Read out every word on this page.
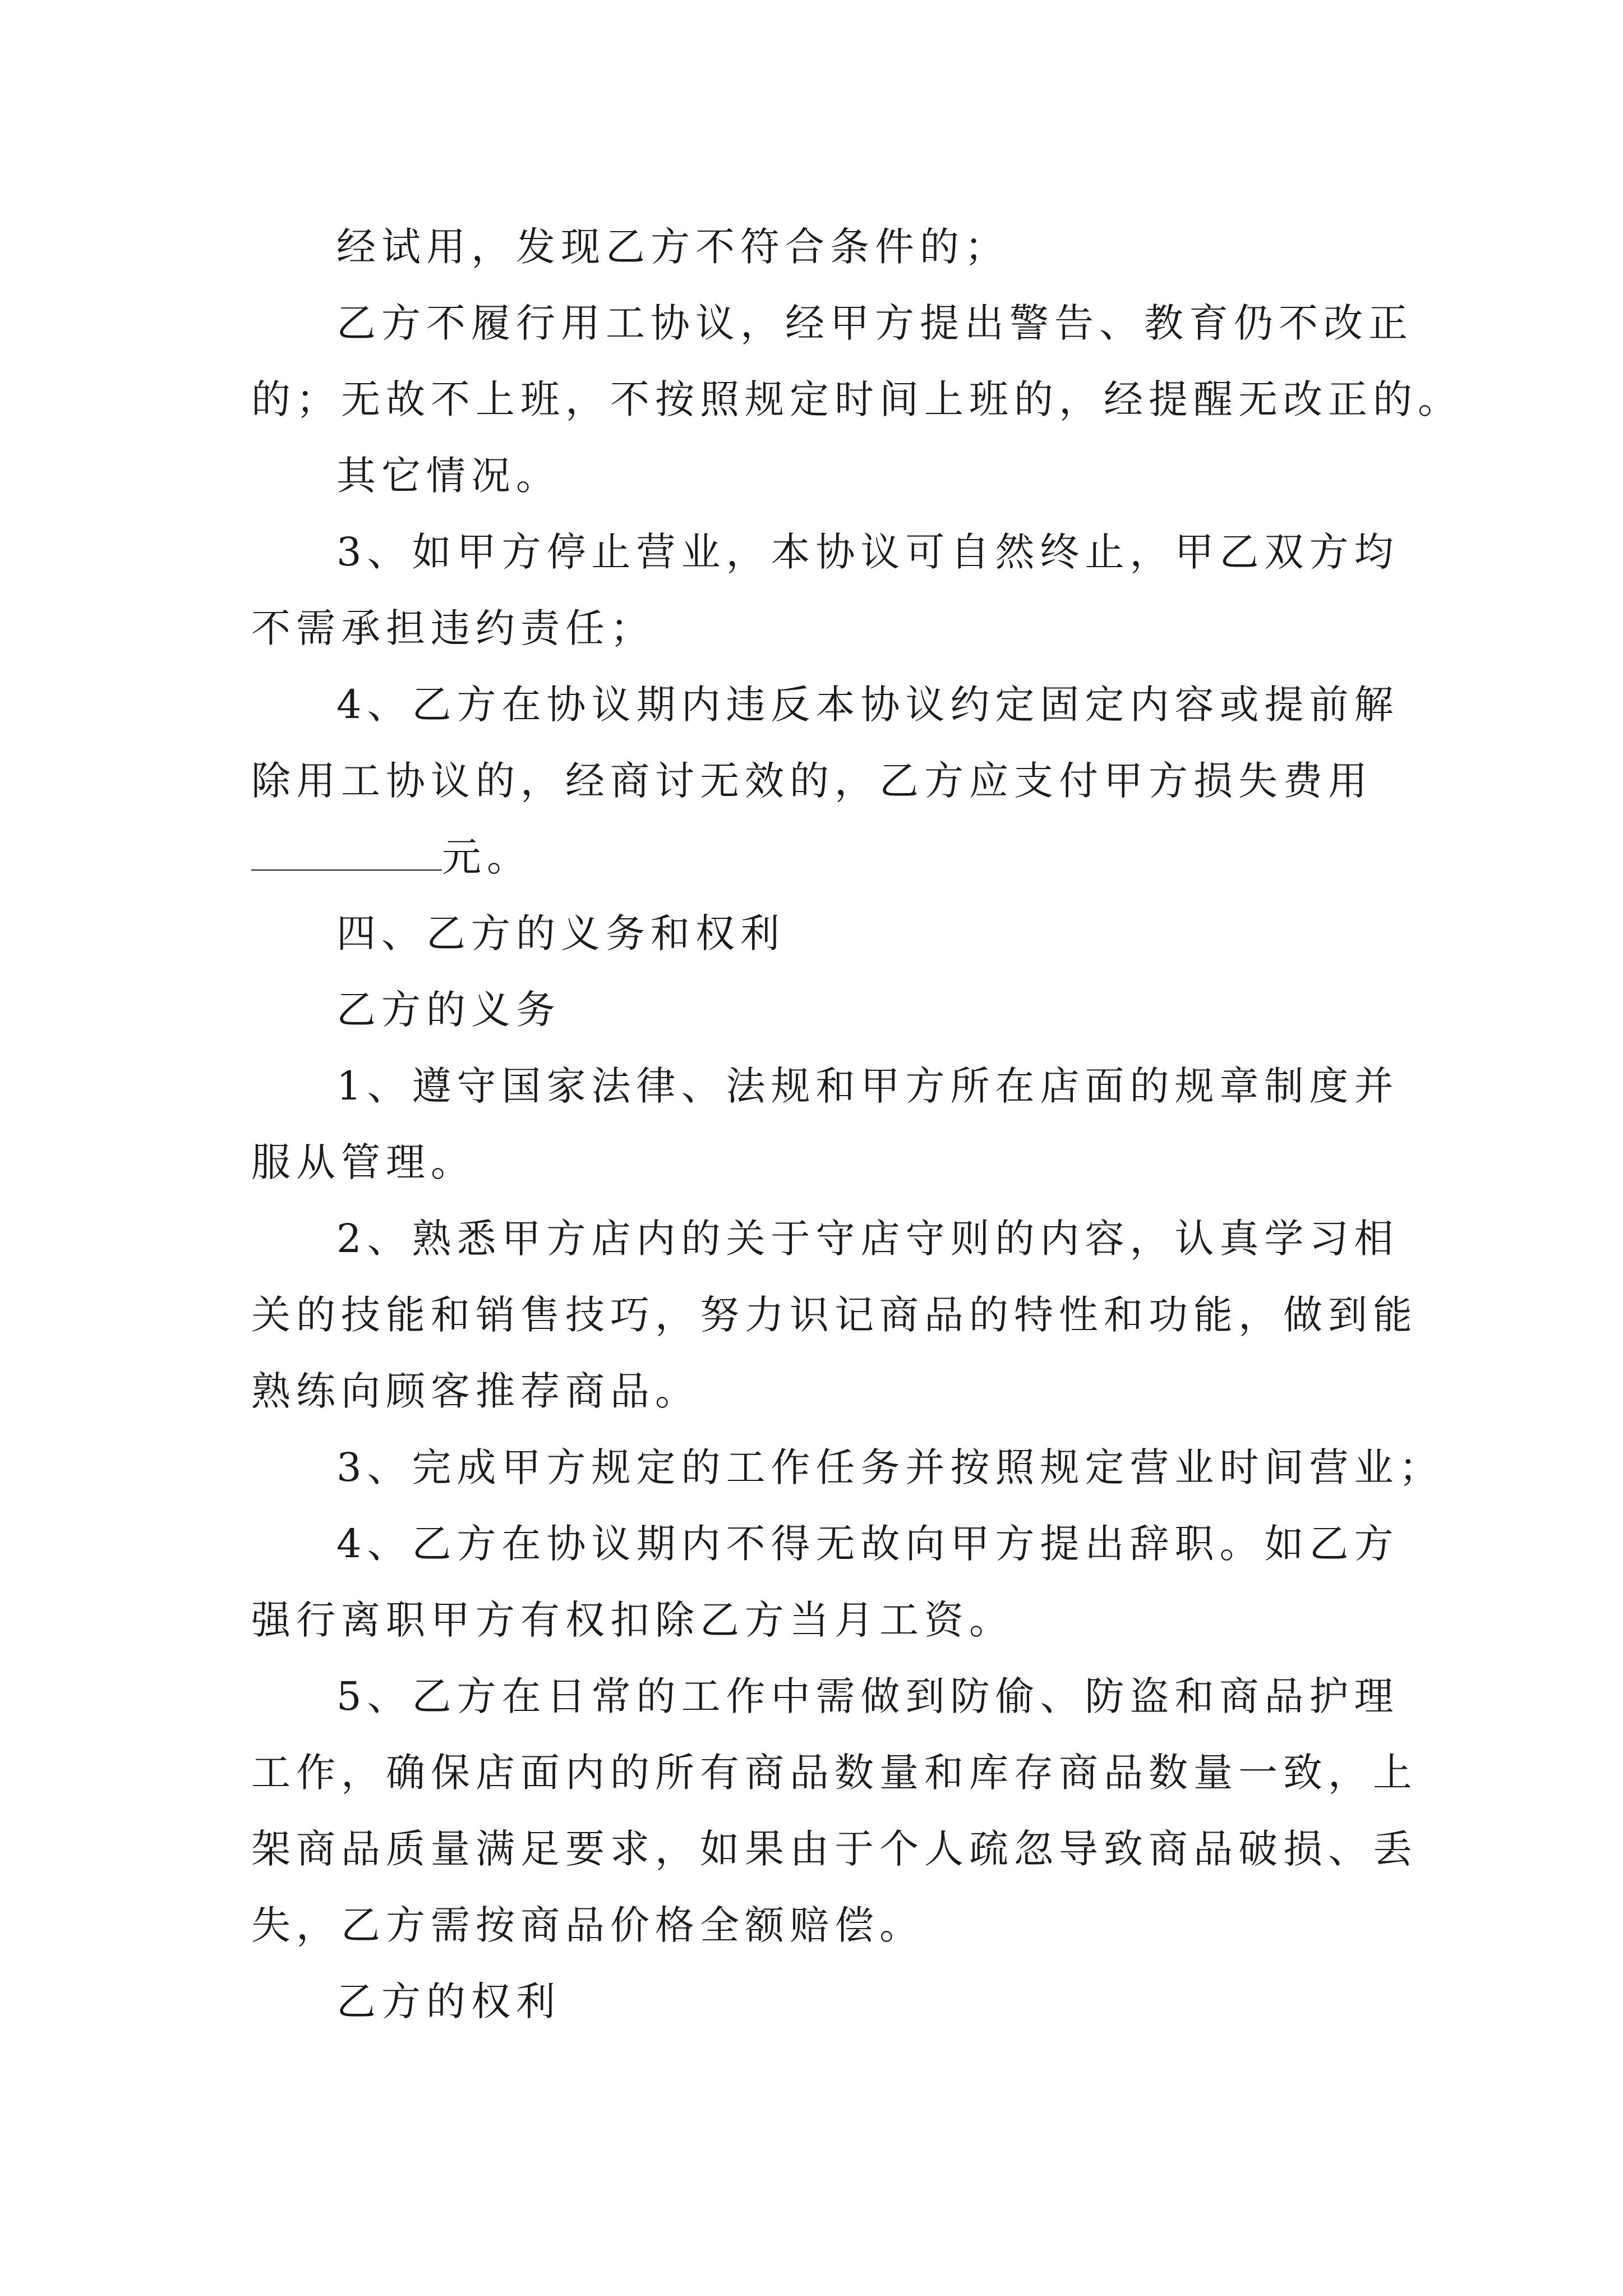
经试用，发现乙方不符合条件的；
乙方不履行用工协议，经甲方提出警告、教育仍不改正
的；无故不上班，不按照规定时间上班的，经提醒无改正的。
其它情况。
3、如甲方停止营业，本协议可自然终止，甲乙双方均
不需承担违约责任；
4、乙方在协议期内违反本协议约定固定内容或提前解
除用工协议的，经商讨无效的，乙方应支付甲方损失费用
元。
四、乙方的义务和权利
乙方的义务
1、遵守国家法律、法规和甲方所在店面的规章制度并
服从管理。
2、熟悉甲方店内的关于守店守则的内容，认真学习相
关的技能和销售技巧，努力识记商品的特性和功能，做到能
熟练向顾客推荐商品。
3、完成甲方规定的工作任务并按照规定营业时间营业；
4、乙方在协议期内不得无故向甲方提出辞职。如乙方
强行离职甲方有权扣除乙方当月工资。
5、乙方在日常的工作中需做到防偷、防盗和商品护理
工作，确保店面内的所有商品数量和库存商品数量一致，上
架商品质量满足要求，如果由于个人疏忽导致商品破损、丢
失，乙方需按商品价格全额赔偿。
乙方的权利
